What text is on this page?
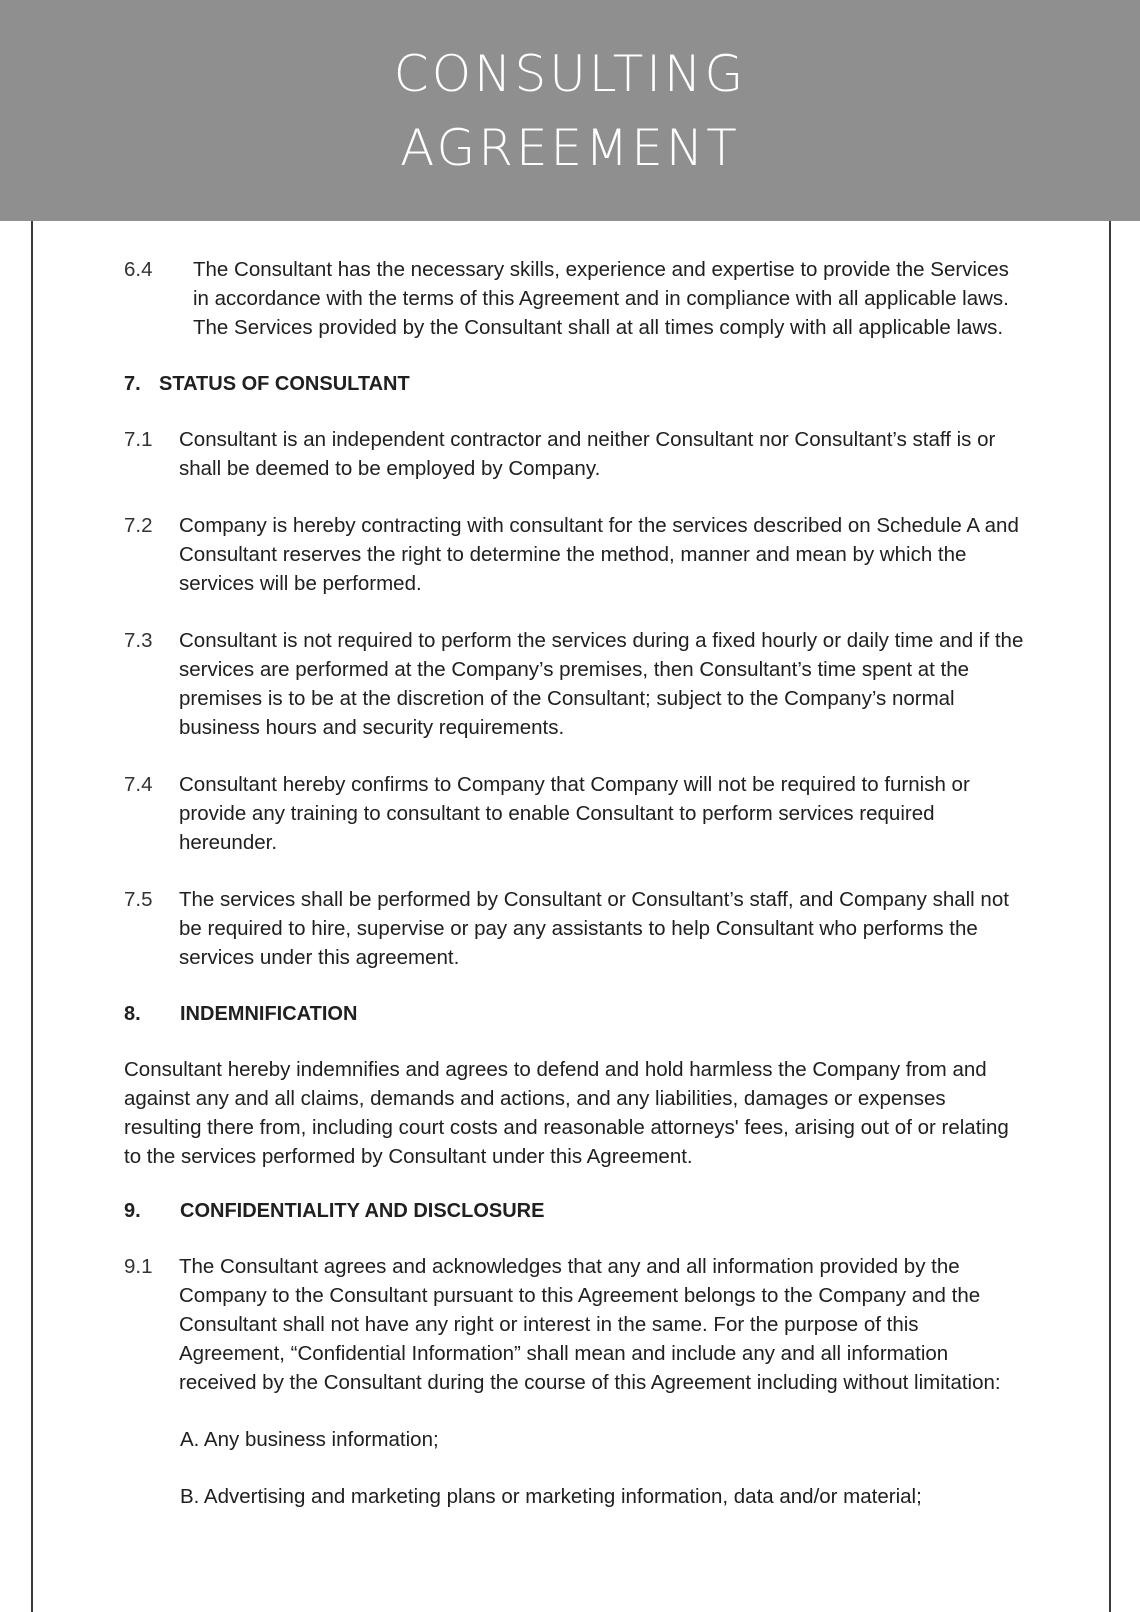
CONSULTING
AGREEMENT
6.4	The Consultant has the necessary skills, experience and expertise to provide the Services in accordance with the terms of this Agreement and in compliance with all applicable laws. The Services provided by the Consultant shall at all times comply with all applicable laws.
7. STATUS OF CONSULTANT
7.1	Consultant is an independent contractor and neither Consultant nor Consultant’s staff is or shall be deemed to be employed by Company.
7.2	Company is hereby contracting with consultant for the services described on Schedule A and Consultant reserves the right to determine the method, manner and mean by which the services will be performed.
7.3	Consultant is not required to perform the services during a fixed hourly or daily time and if the services are performed at the Company’s premises, then Consultant’s time spent at the premises is to be at the discretion of the Consultant; subject to the Company’s normal business hours and security requirements.
7.4	Consultant hereby confirms to Company that Company will not be required to furnish or provide any training to consultant to enable Consultant to perform services required hereunder.
7.5	The services shall be performed by Consultant or Consultant’s staff, and Company shall not be required to hire, supervise or pay any assistants to help Consultant who performs the services under this agreement.
8.	INDEMNIFICATION
Consultant hereby indemnifies and agrees to defend and hold harmless the Company from and against any and all claims, demands and actions, and any liabilities, damages or expenses resulting there from, including court costs and reasonable attorneys' fees, arising out of or relating to the services performed by Consultant under this Agreement.
9.	CONFIDENTIALITY AND DISCLOSURE
9.1	The Consultant agrees and acknowledges that any and all information provided by the Company to the Consultant pursuant to this Agreement belongs to the Company and the Consultant shall not have any right or interest in the same. For the purpose of this Agreement, “Confidential Information” shall mean and include any and all information received by the Consultant during the course of this Agreement including without limitation:
A. Any business information;
B. Advertising and marketing plans or marketing information, data and/or material;
